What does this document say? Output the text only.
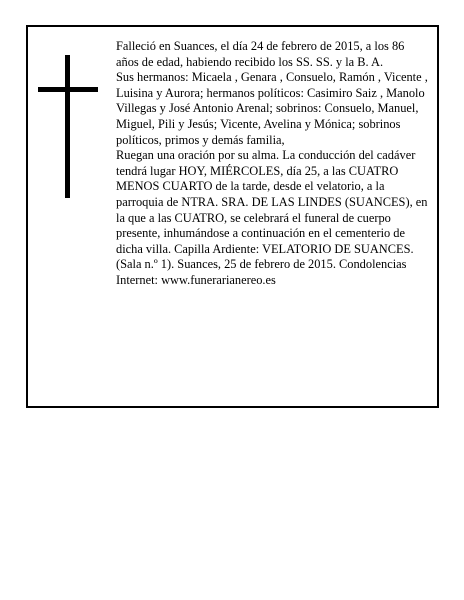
Falleció en Suances, el día 24 de febrero de 2015, a los 86 años de edad, habiendo recibido los SS. SS. y la B. A.

Sus hermanos: Micaela , Genara , Consuelo, Ramón , Vicente , Luisina y Aurora; hermanos políticos: Casimiro Saiz , Manolo Villegas y José Antonio Arenal; sobrinos: Consuelo, Manuel, Miguel, Pili y Jesús; Vicente, Avelina y Mónica; sobrinos políticos, primos y demás familia,

Ruegan una oración por su alma. La conducción del cadáver tendrá lugar HOY, MIÉRCOLES, día 25, a las CUATRO MENOS CUARTO de la tarde, desde el velatorio, a la parroquia de NTRA. SRA. DE LAS LINDES (SUANCES), en la que a las CUATRO, se celebrará el funeral de cuerpo presente, inhumándose a continuación en el cementerio de dicha villa. Capilla Ardiente: VELATORIO DE SUANCES. (Sala n.º 1). Suances, 25 de febrero de 2015. Condolencias Internet: www.funerarianereo.es
